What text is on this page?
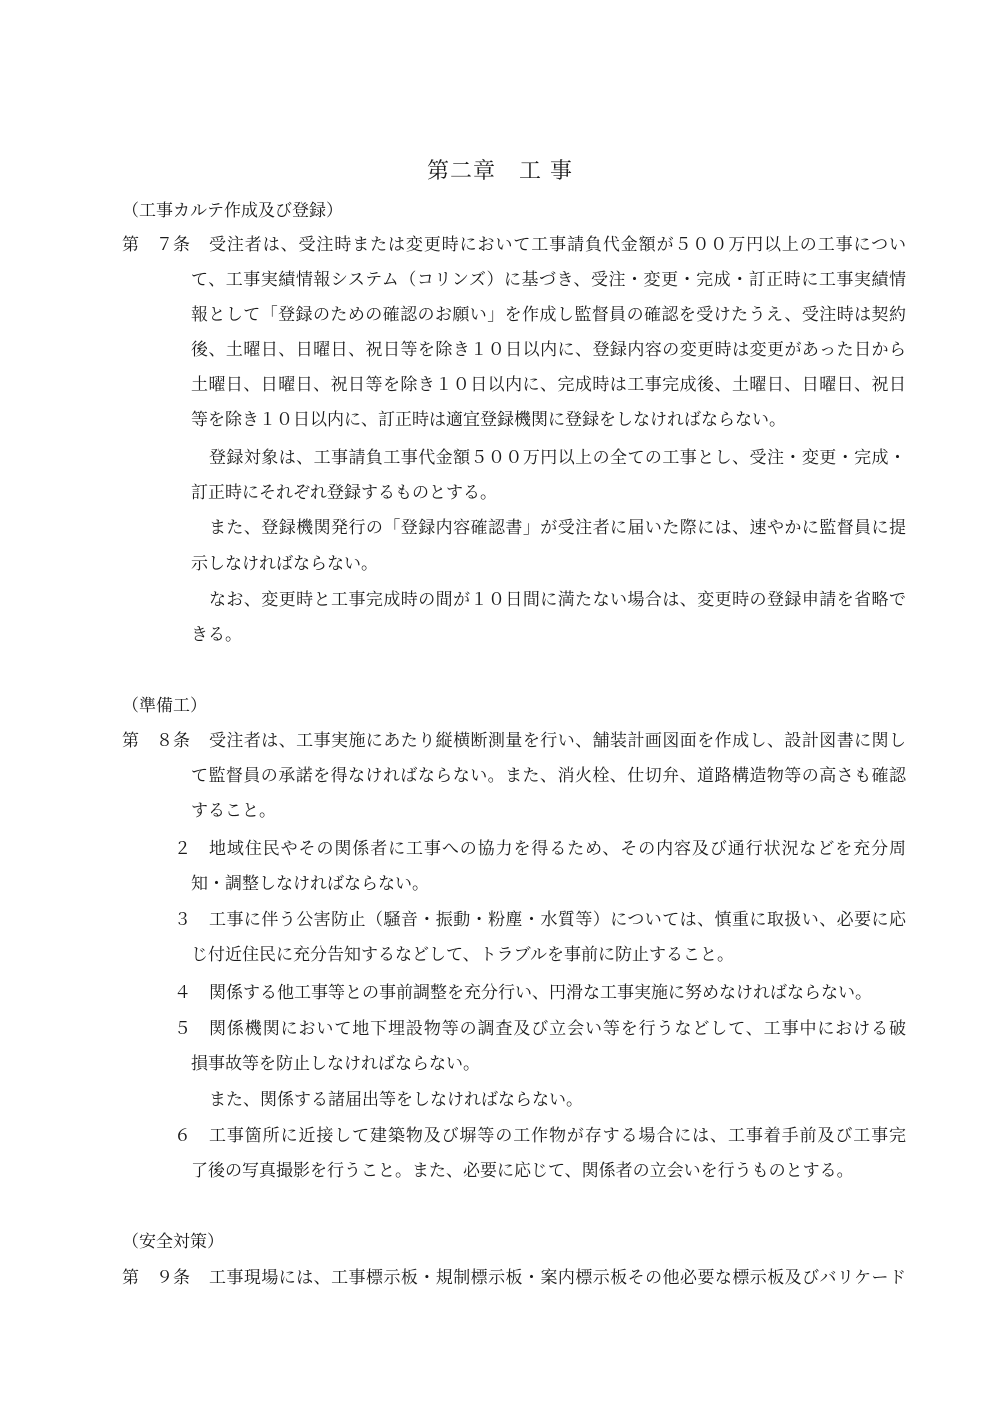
第二章　工 事
（工事カルテ作成及び登録）
第　７条 受注者は、受注時または変更時において工事請負代金額が５００万円以上の工事につい
て、工事実績情報システム（コリンズ）に基づき、受注・変更・完成・訂正時に工事実績情
報として「登録のための確認のお願い」を作成し監督員の確認を受けたうえ、受注時は契約
後、土曜日、日曜日、祝日等を除き１０日以内に、登録内容の変更時は変更があった日から
土曜日、日曜日、祝日等を除き１０日以内に、完成時は工事完成後、土曜日、日曜日、祝日
等を除き１０日以内に、訂正時は適宜登録機関に登録をしなければならない。
登録対象は、工事請負工事代金額５００万円以上の全ての工事とし、受注・変更・完成・
訂正時にそれぞれ登録するものとする。
また、登録機関発行の「登録内容確認書」が受注者に届いた際には、速やかに監督員に提
示しなければならない。
なお、変更時と工事完成時の間が１０日間に満たない場合は、変更時の登録申請を省略で
きる。
（準備工）
第　８条 受注者は、工事実施にあたり縦横断測量を行い、舗装計画図面を作成し、設計図書に関し
て監督員の承諾を得なければならない。また、消火栓、仕切弁、道路構造物等の高さも確認
すること。
２ 地域住民やその関係者に工事への協力を得るため、その内容及び通行状況などを充分周
知・調整しなければならない。
３ 工事に伴う公害防止（騒音・振動・粉塵・水質等）については、慎重に取扱い、必要に応
じ付近住民に充分告知するなどして、トラブルを事前に防止すること。
４ 関係する他工事等との事前調整を充分行い、円滑な工事実施に努めなければならない。
５ 関係機関において地下埋設物等の調査及び立会い等を行うなどして、工事中における破
損事故等を防止しなければならない。
また、関係する諸届出等をしなければならない。
６ 工事箇所に近接して建築物及び塀等の工作物が存する場合には、工事着手前及び工事完
了後の写真撮影を行うこと。また、必要に応じて、関係者の立会いを行うものとする。
（安全対策）
第　９条 工事現場には、工事標示板・規制標示板・案内標示板その他必要な標示板及びバリケード
